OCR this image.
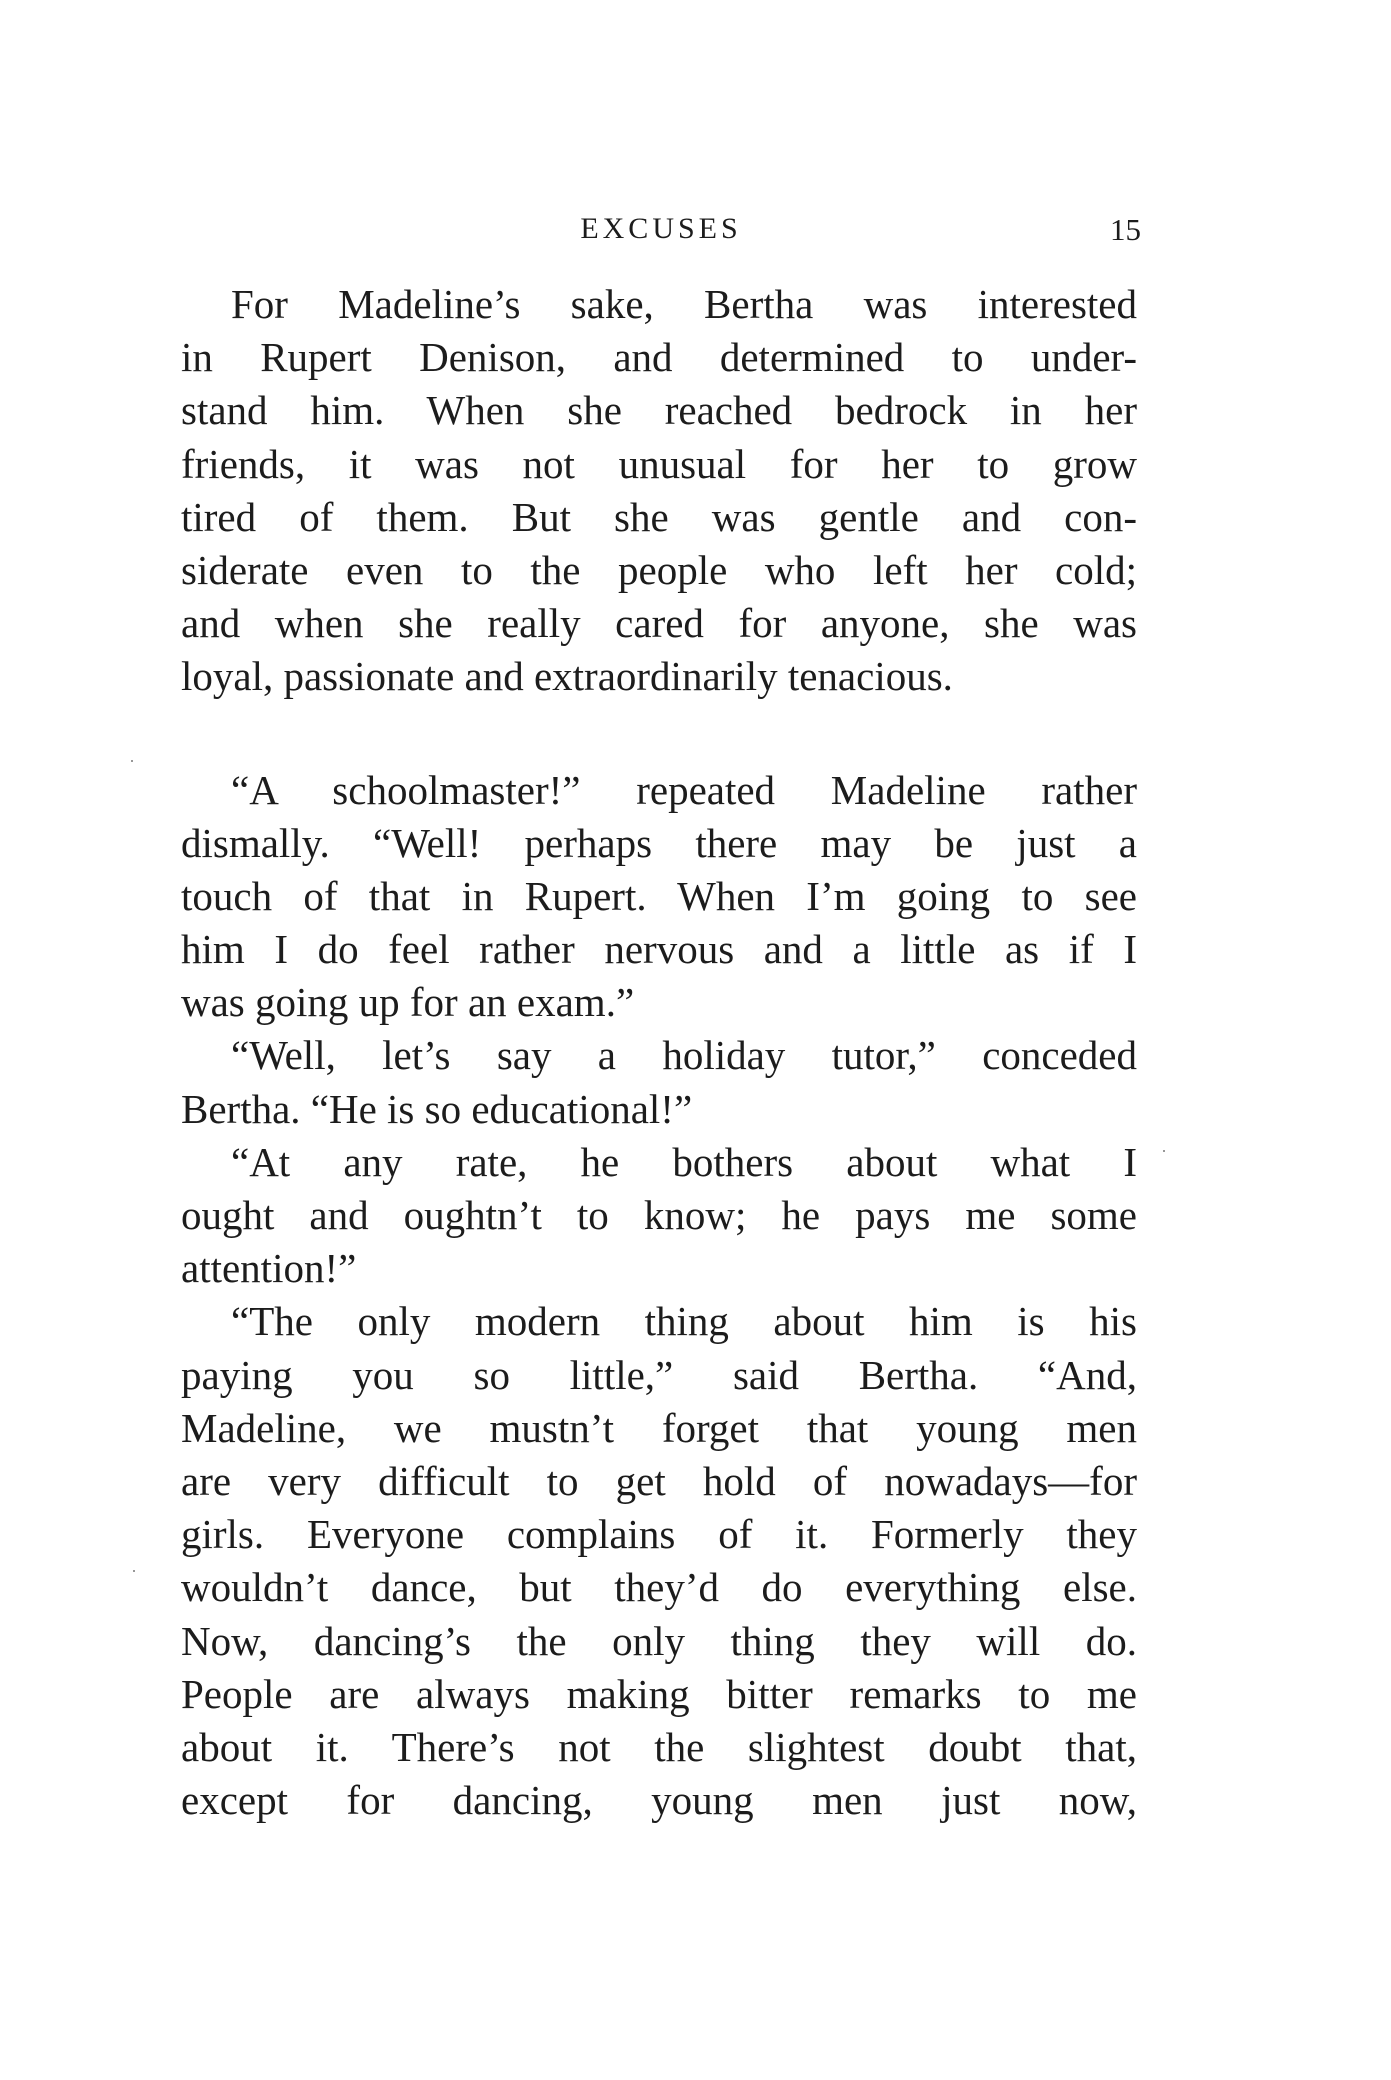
EXCUSES	15
For Madeline’s sake, Bertha was interested
in Rupert Denison, and determined to under-
stand him. When she reached bedrock in her
friends, it was not unusual for her to grow
tired of them. But she was gentle and con-
siderate even to the people who left her cold;
and when she really cared for anyone, she was
loyal, passionate and extraordinarily tenacious.
“A schoolmaster!” repeated Madeline rather
dismally. “Well! perhaps there may be just a
touch of that in Rupert. When I’m going to see
him I do feel rather nervous and a little as if I
was going up for an exam.”
“Well, let’s say a holiday tutor,” conceded
Bertha. “He is so educational!”
“At any rate, he bothers about what I
ought and oughtn’t to know; he pays me some
attention!”
“The only modern thing about him is his
paying you so little,” said Bertha. “And,
Madeline, we mustn’t forget that young men
are very difficult to get hold of nowadays—for
girls. Everyone complains of it. Formerly they
wouldn’t dance, but they’d do everything else.
Now, dancing’s the only thing they will do.
People are always making bitter remarks to me
about it. There’s not the slightest doubt that,
except for dancing, young men just now,
